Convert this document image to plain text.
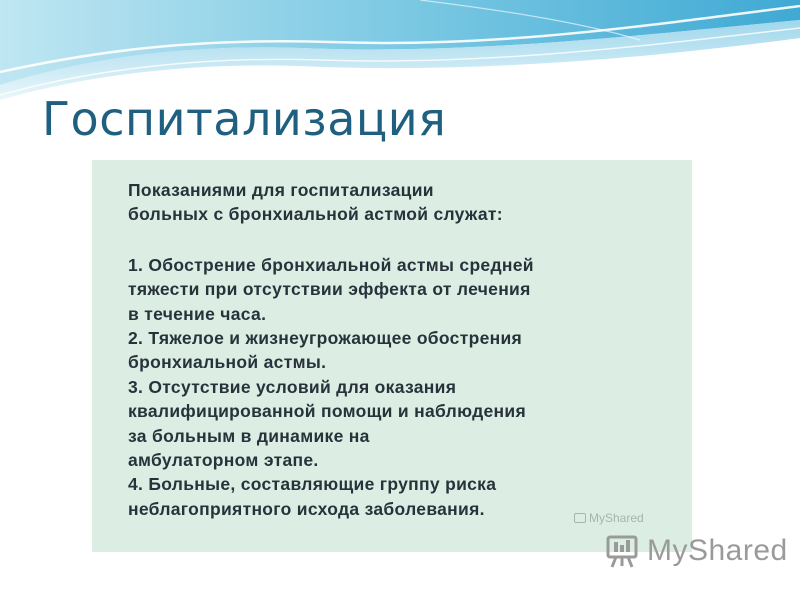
Госпитализация
Показаниями для госпитализации
больных с бронхиальной астмой служат:
1. Обострение бронхиальной астмы средней
тяжести при отсутствии эффекта от лечения
в течение часа.
2. Тяжелое и жизнеугрожающее обострения
бронхиальной астмы.
3. Отсутствие условий для оказания
квалифицированной помощи и наблюдения
за больным в динамике на
амбулаторном этапе.
4. Больные, составляющие группу риска
неблагоприятного исхода заболевания.	MyShared
MyShared
